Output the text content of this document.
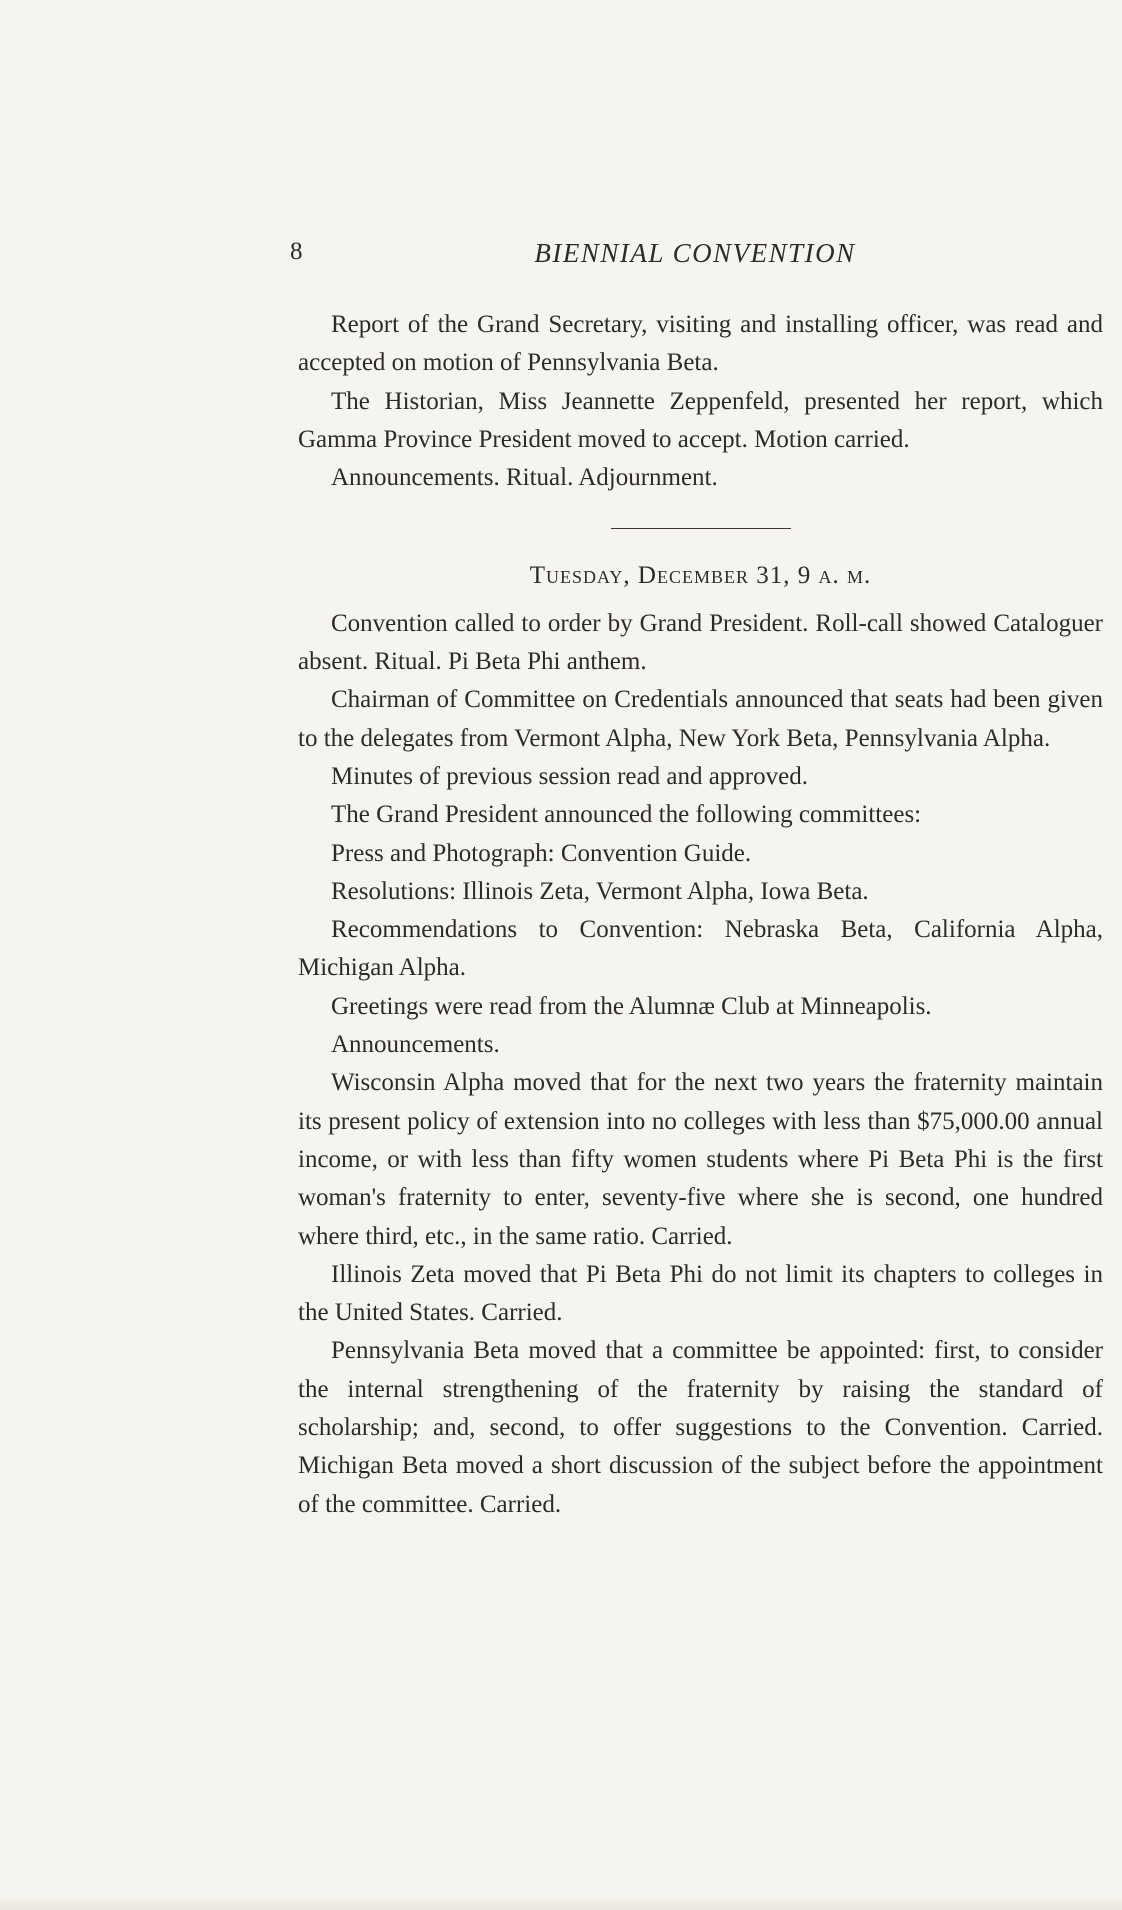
8	BIENNIAL CONVENTION

Report of the Grand Secretary, visiting and installing officer, was read and accepted on motion of Pennsylvania Beta.

The Historian, Miss Jeannette Zeppenfeld, presented her report, which Gamma Province President moved to accept. Motion carried.

Announcements. Ritual. Adjournment.

Tuesday, December 31, 9 a. m.

Convention called to order by Grand President. Roll-call showed Cataloguer absent. Ritual. Pi Beta Phi anthem.

Chairman of Committee on Credentials announced that seats had been given to the delegates from Vermont Alpha, New York Beta, Pennsylvania Alpha.

Minutes of previous session read and approved.

The Grand President announced the following committees:

Press and Photograph: Convention Guide.

Resolutions: Illinois Zeta, Vermont Alpha, Iowa Beta.

Recommendations to Convention: Nebraska Beta, California Alpha, Michigan Alpha.

Greetings were read from the Alumnæ Club at Minneapolis.

Announcements.

Wisconsin Alpha moved that for the next two years the fraternity maintain its present policy of extension into no colleges with less than $75,000.00 annual income, or with less than fifty women students where Pi Beta Phi is the first woman's fraternity to enter, seventy-five where she is second, one hundred where third, etc., in the same ratio. Carried.

Illinois Zeta moved that Pi Beta Phi do not limit its chapters to colleges in the United States. Carried.

Pennsylvania Beta moved that a committee be appointed: first, to consider the internal strengthening of the fraternity by raising the standard of scholarship; and, second, to offer suggestions to the Convention. Carried. Michigan Beta moved a short discussion of the subject before the appointment of the committee. Carried.
